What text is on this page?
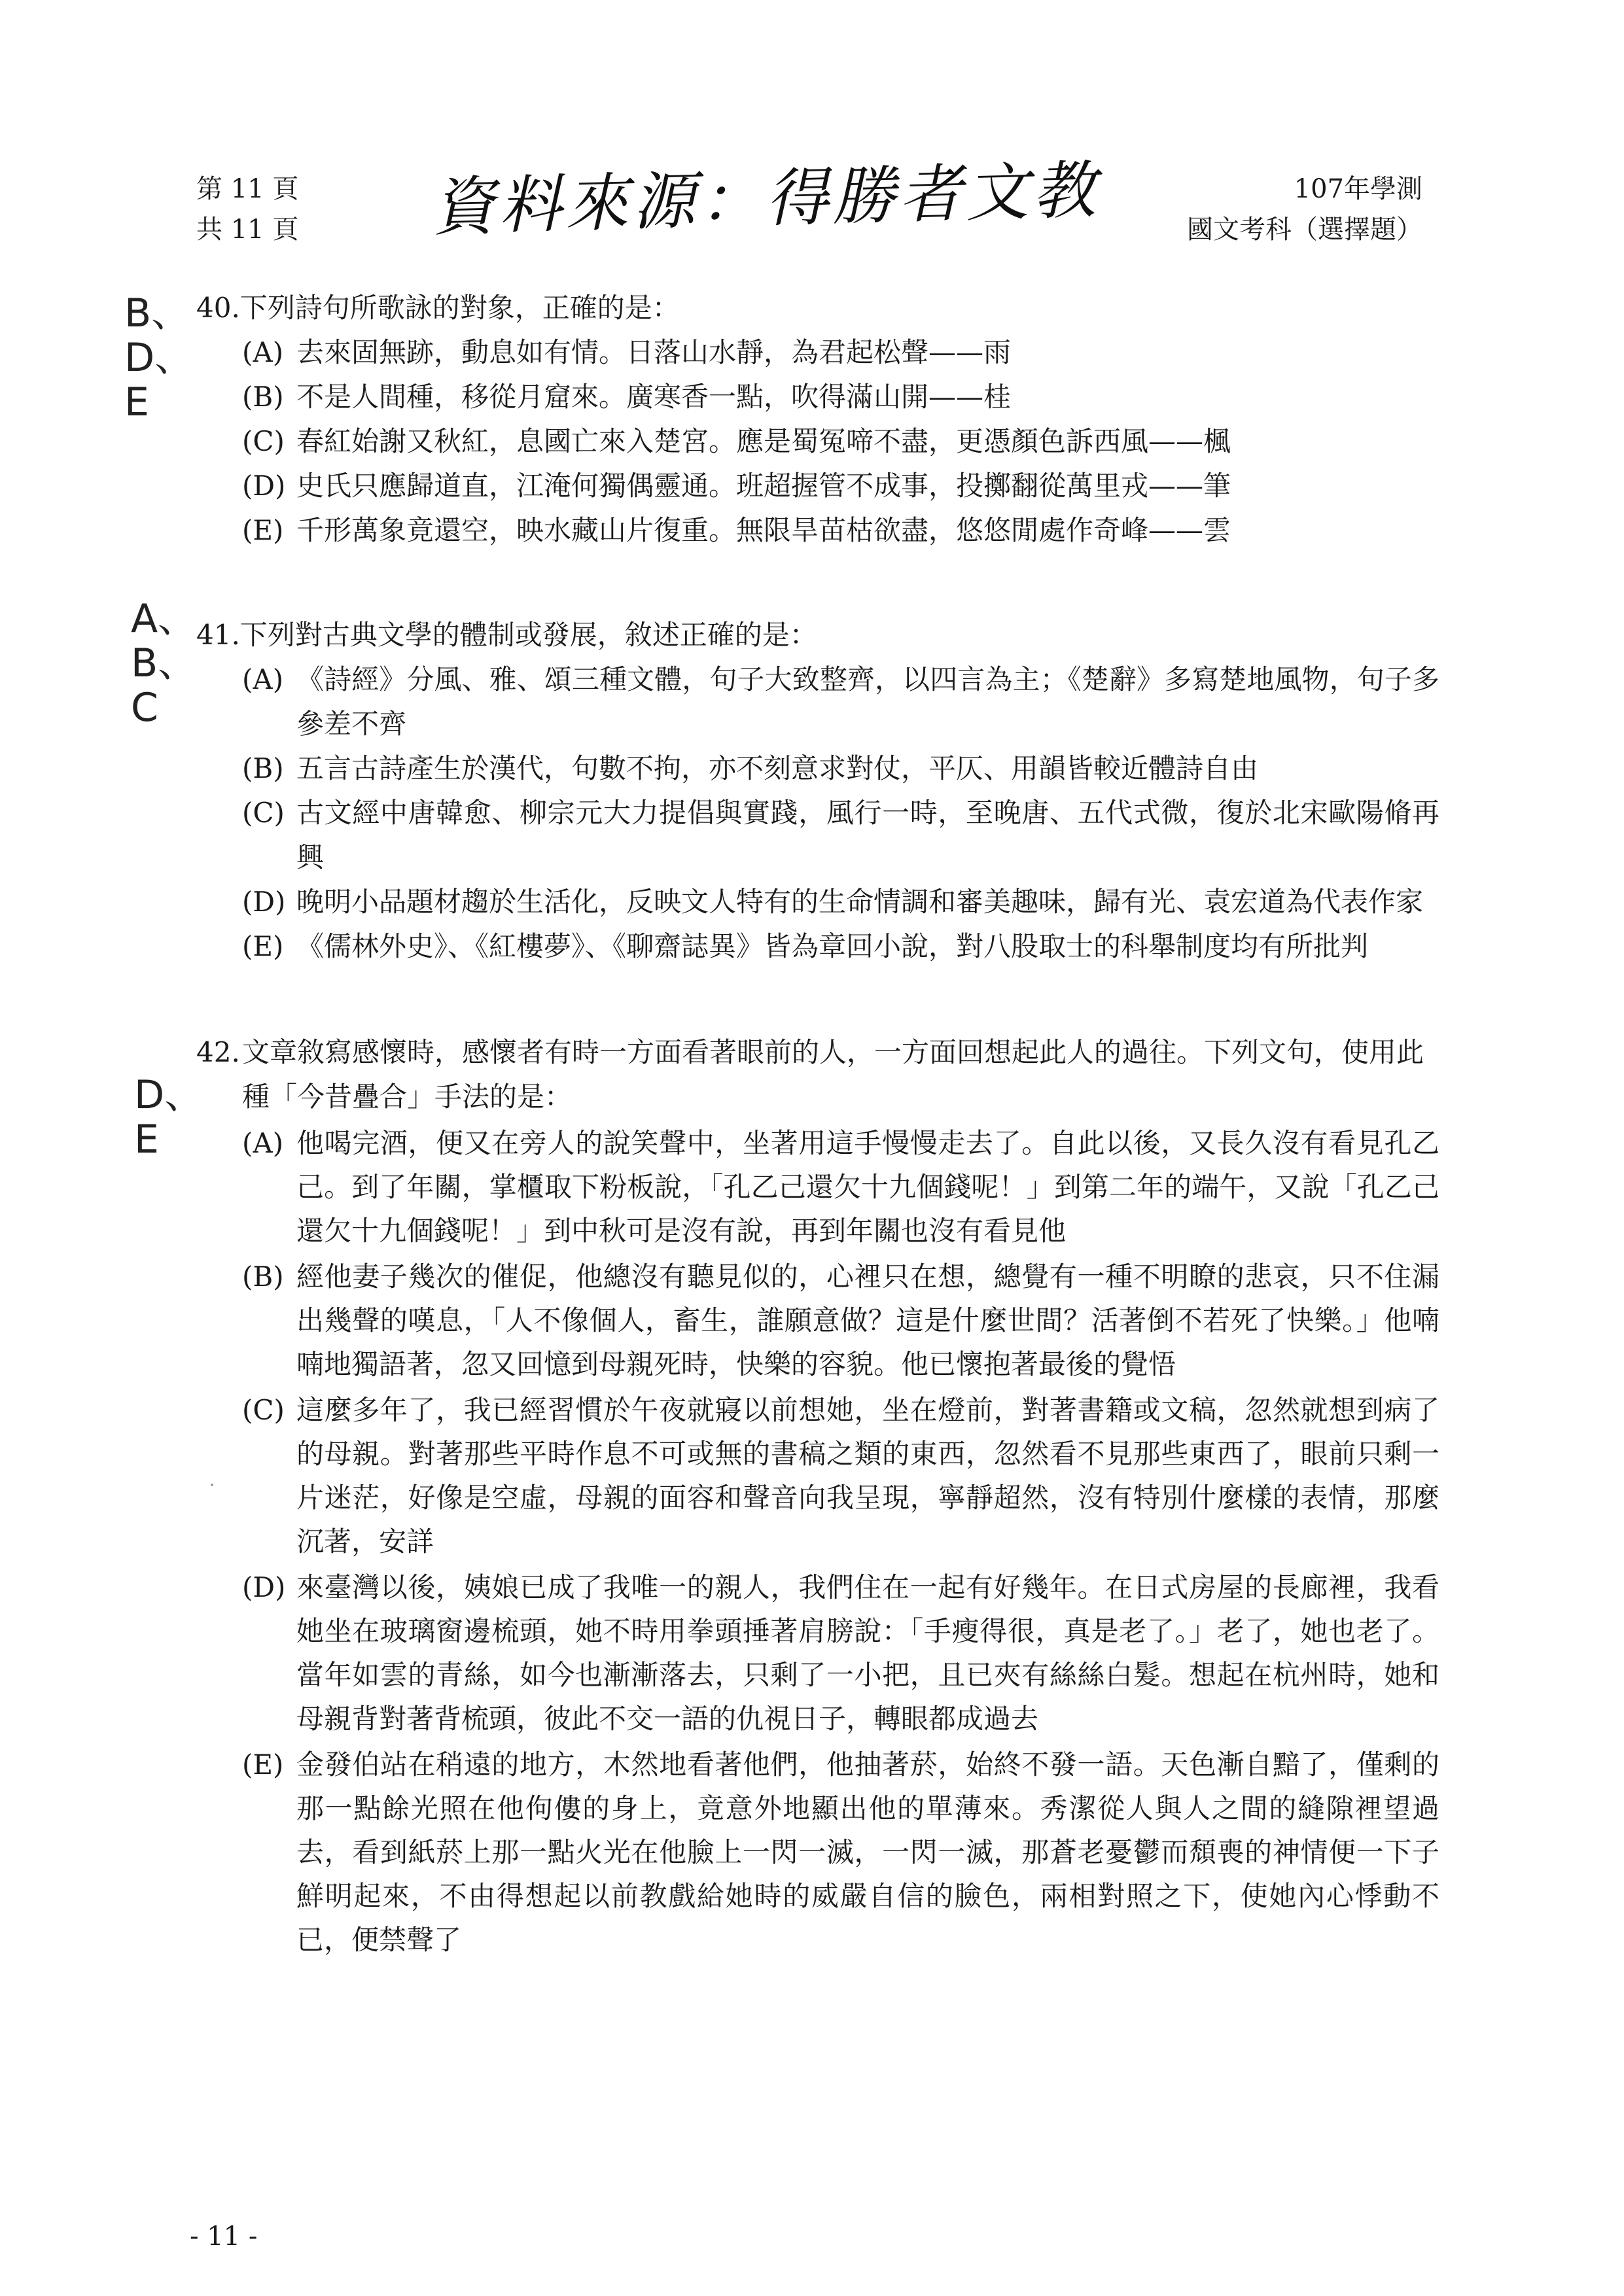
第 11 頁
共 11 頁 資料來源：得勝者文教	107年學測
國文考科（選擇題）
B、
D、
E
A、
B、
C
D、
E
40.下列詩句所歌詠的對象，正確的是：
(A) 去來固無跡，動息如有情。日落山水靜，為君起松聲——雨
(B) 不是人間種，移從月窟來。廣寒香一點，吹得滿山開——桂
(C) 春紅始謝又秋紅，息國亡來入楚宮。應是蜀冤啼不盡，更憑顏色訴西風——楓
(D) 史氏只應歸道直，江淹何獨偶靈通。班超握管不成事，投擲翻從萬里戎——筆
(E) 千形萬象竟還空，映水藏山片復重。無限旱苗枯欲盡，悠悠閒處作奇峰——雲
41.下列對古典文學的體制或發展，敘述正確的是：
(A) 《詩經》分風、雅、頌三種文體，句子大致整齊，以四言為主；《楚辭》多寫楚地風物，句子多參差不齊
(B) 五言古詩產生於漢代，句數不拘，亦不刻意求對仗，平仄、用韻皆較近體詩自由
(C) 古文經中唐韓愈、柳宗元大力提倡與實踐，風行一時，至晚唐、五代式微，復於北宋歐陽脩再興
(D) 晚明小品題材趨於生活化，反映文人特有的生命情調和審美趣味，歸有光、袁宏道為代表作家
(E) 《儒林外史》、《紅樓夢》、《聊齋誌異》皆為章回小說，對八股取士的科舉制度均有所批判
42. 文章敘寫感懷時，感懷者有時一方面看著眼前的人，一方面回想起此人的過往。下列文句，使用此種「今昔疊合」手法的是：
(A) 他喝完酒，便又在旁人的說笑聲中，坐著用這手慢慢走去了。自此以後，又長久沒有看見孔乙己。到了年關，掌櫃取下粉板說，「孔乙己還欠十九個錢呢！」到第二年的端午，又說「孔乙己還欠十九個錢呢！」到中秋可是沒有說，再到年關也沒有看見他
(B) 經他妻子幾次的催促，他總沒有聽見似的，心裡只在想，總覺有一種不明瞭的悲哀，只不住漏出幾聲的嘆息，「人不像個人，畜生，誰願意做？這是什麼世間？活著倒不若死了快樂。」他喃喃地獨語著，忽又回憶到母親死時，快樂的容貌。他已懷抱著最後的覺悟
(C) 這麼多年了，我已經習慣於午夜就寢以前想她，坐在燈前，對著書籍或文稿，忽然就想到病了的母親。對著那些平時作息不可或無的書稿之類的東西，忽然看不見那些東西了，眼前只剩一片迷茫，好像是空虛，母親的面容和聲音向我呈現，寧靜超然，沒有特別什麼樣的表情，那麼沉著，安詳
(D) 來臺灣以後，姨娘已成了我唯一的親人，我們住在一起有好幾年。在日式房屋的長廊裡，我看她坐在玻璃窗邊梳頭，她不時用拳頭捶著肩膀說：「手瘦得很，真是老了。」老了，她也老了。當年如雲的青絲，如今也漸漸落去，只剩了一小把，且已夾有絲絲白髮。想起在杭州時，她和母親背對著背梳頭，彼此不交一語的仇視日子，轉眼都成過去
(E) 金發伯站在稍遠的地方，木然地看著他們，他抽著菸，始終不發一語。天色漸自黯了，僅剩的那一點餘光照在他佝僂的身上，竟意外地顯出他的單薄來。秀潔從人與人之間的縫隙裡望過去，看到紙菸上那一點火光在他臉上一閃一滅，一閃一滅，那蒼老憂鬱而頹喪的神情便一下子鮮明起來，不由得想起以前教戲給她時的威嚴自信的臉色，兩相對照之下，使她內心悸動不已，便禁聲了
- 11 -
